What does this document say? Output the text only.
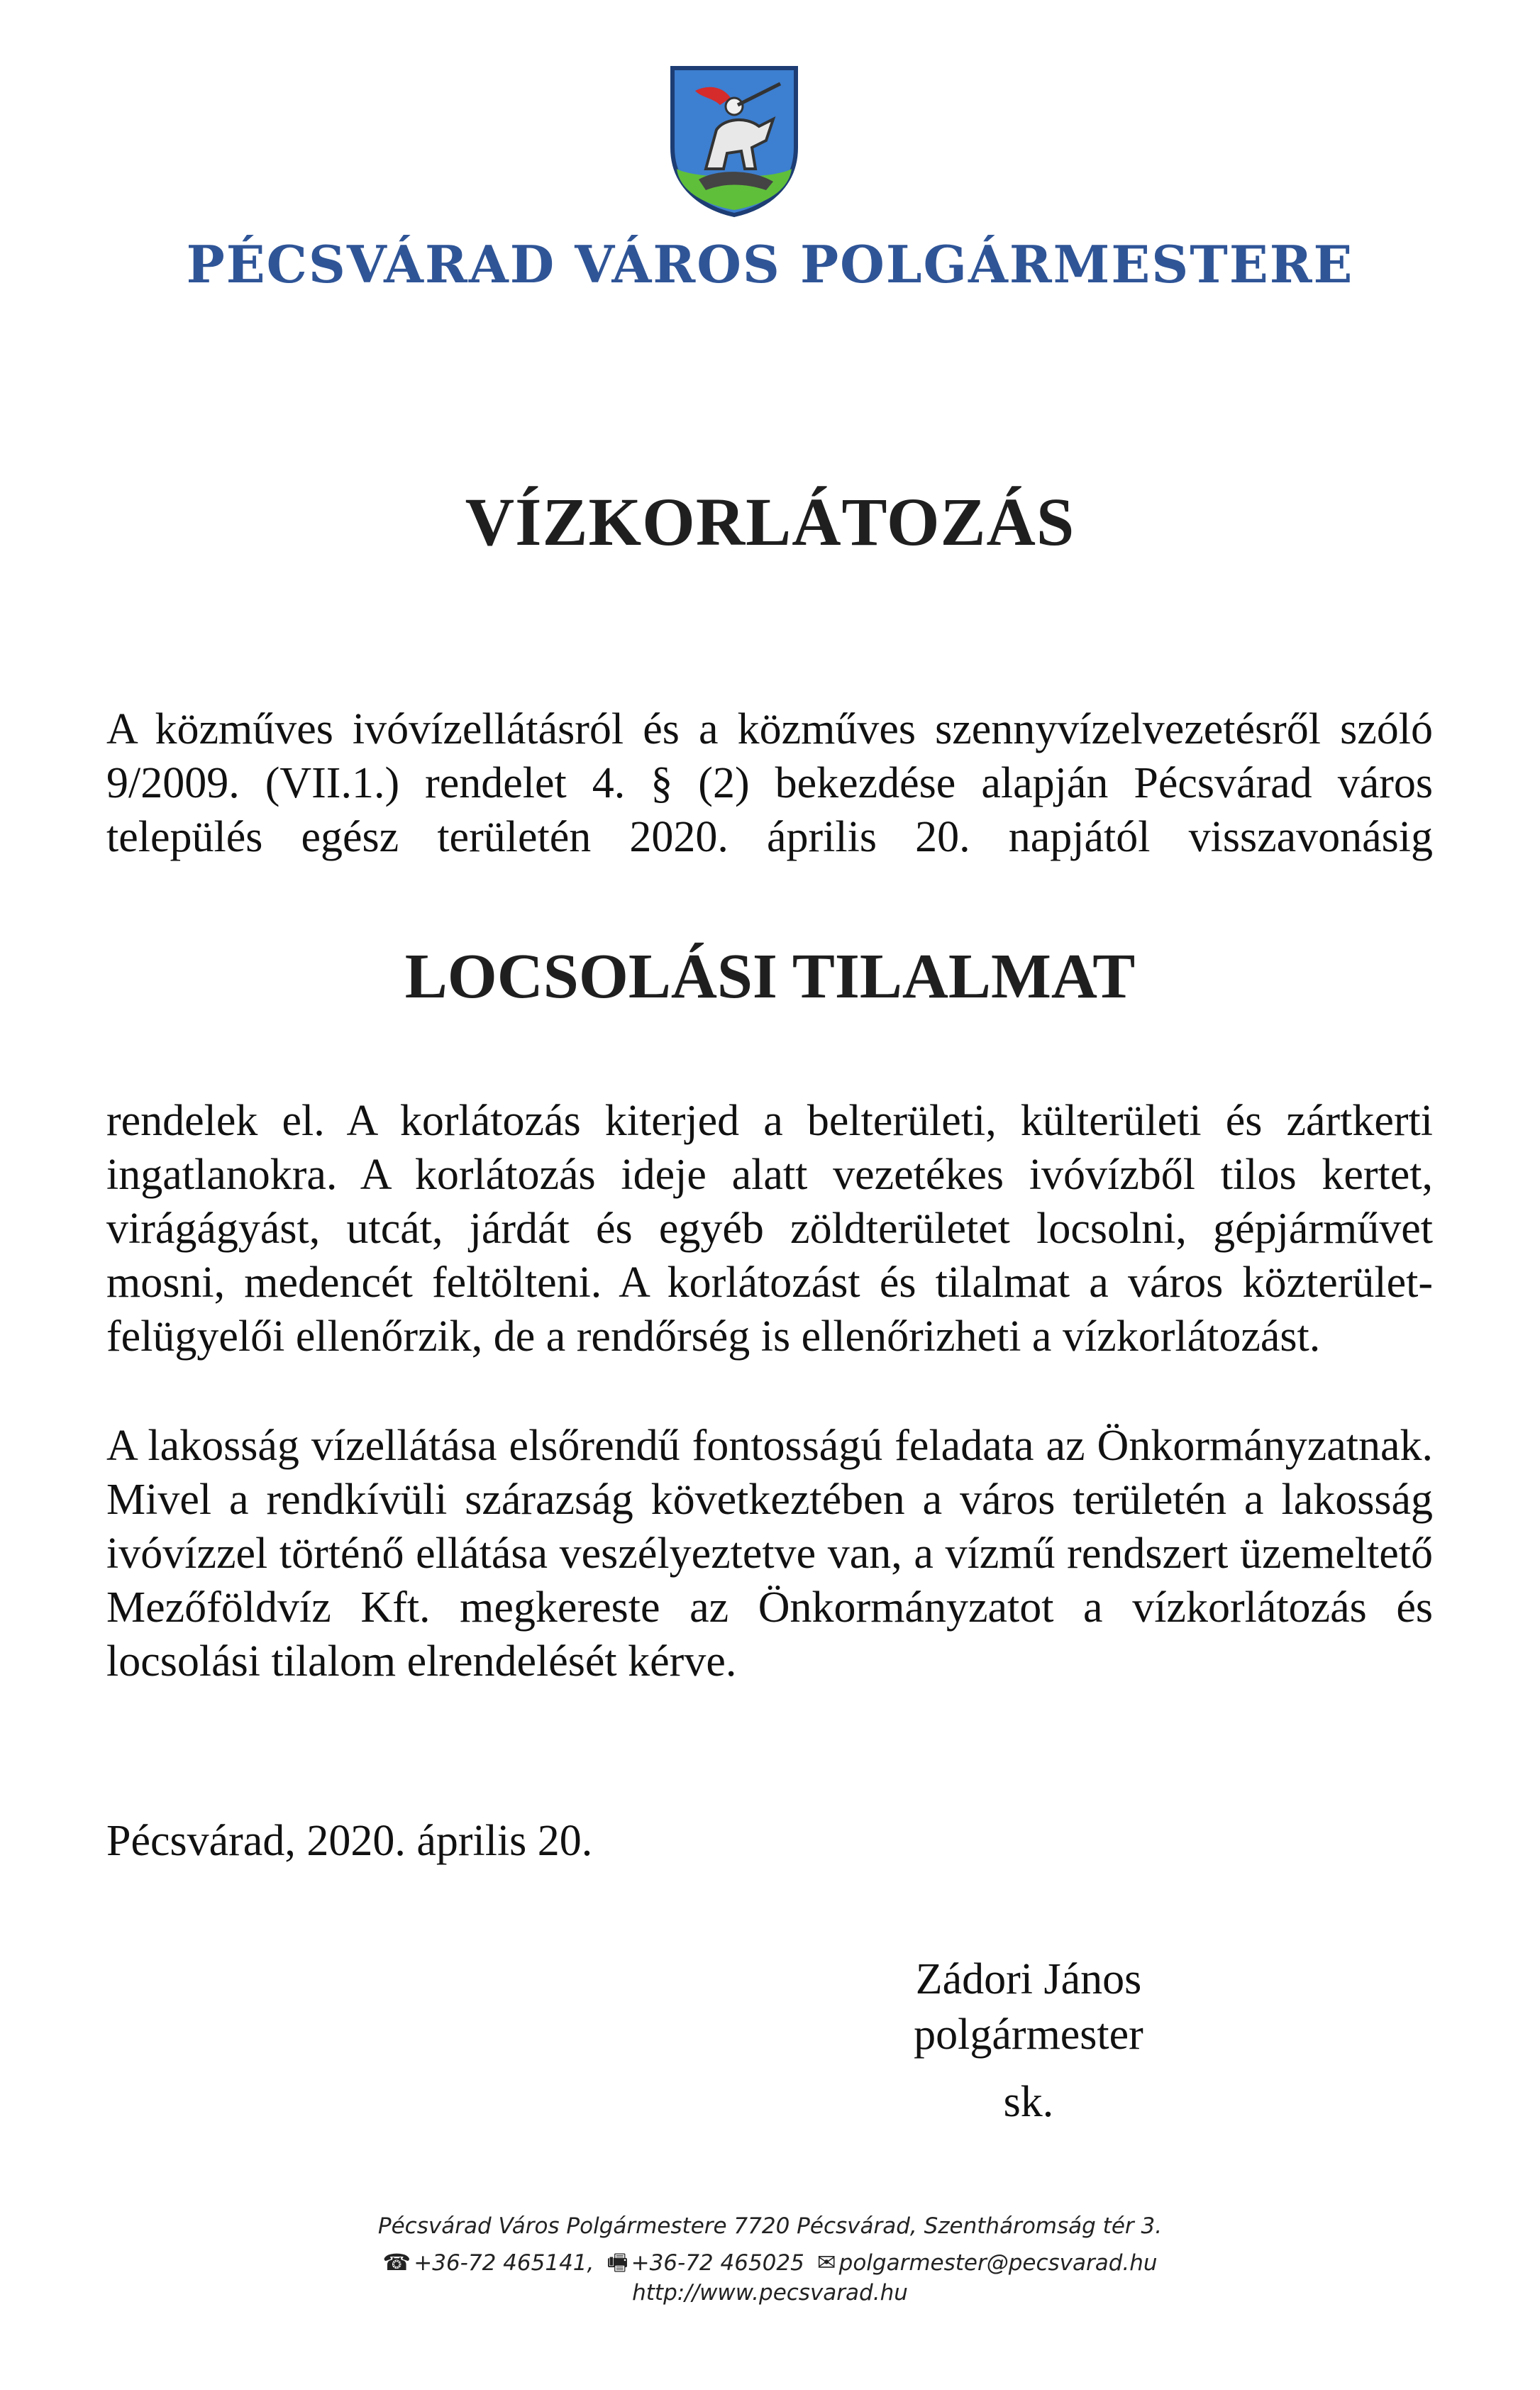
PÉCSVÁRAD VÁROS POLGÁRMESTERE
VÍZKORLÁTOZÁS
A közműves ivóvízellátásról és a közműves szennyvízelvezetésről szóló 9/2009. (VII.1.) rendelet 4. § (2) bekezdése alapján Pécsvárad város település egész területén 2020. április 20. napjától visszavonásig
LOCSOLÁSI TILALMAT
rendelek el. A korlátozás kiterjed a belterületi, külterületi és zártkerti ingatlanokra. A korlátozás ideje alatt vezetékes ivóvízből tilos kertet, virágágyást, utcát, járdát és egyéb zöldterületet locsolni, gépjárművet mosni, medencét feltölteni. A korlátozást és tilalmat a város közterület-felügyelői ellenőrzik, de a rendőrség is ellenőrizheti a vízkorlátozást.
A lakosság vízellátása elsőrendű fontosságú feladata az Önkormányzatnak. Mivel a rendkívüli szárazság következtében a város területén a lakosság ivóvízzel történő ellátása veszélyeztetve van, a vízmű rendszert üzemeltető Mezőföldvíz Kft. megkereste az Önkormányzatot a vízkorlátozás és locsolási tilalom elrendelését kérve.
Pécsvárad, 2020. április 20.
Zádori János
polgármester
sk.
Pécsvárad Város Polgármestere 7720 Pécsvárad, Szentháromság tér 3.
☎ +36-72 465141, 🖷 +36-72 465025 ✉ polgarmester@pecsvarad.hu
http://www.pecsvarad.hu
